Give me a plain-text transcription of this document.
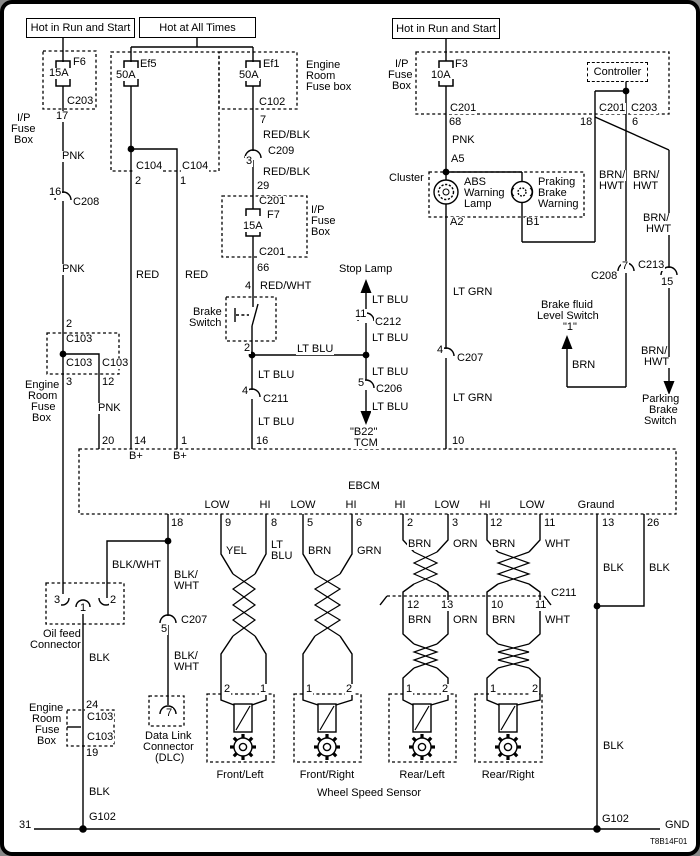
Hot in Run and Start	Hot at All Times	Hot in Run and Start
Controller
F6
15A
C203
17
I/P
Fuse
Box
PNK
16
C208
PNK
2
C103
C103 C103
3	12
Engine
Room
Fuse
Box
PNK
Ef5
50A
C104 C104
2	1
RED RED
Ef1
50A
Engine
Room
Fuse box
C102
7
RED/BLK
C209
3
RED/BLK
29
C201
F7
15A
I/P
Fuse
Box
C201
66
4 RED/WHT
Brake
Switch
2	LT BLU
Stop Lamp
LT BLU
11
C212
LT BLU
LT BLU
5 C206
LT BLU
"B22"
TCM
LT BLU
4
C211
LT BLU
16
I/P
Fuse
Box
F3
10A
C201
68
PNK
A5
Cluster	ABS
Warning
Lamp
Praking
Brake
Warning
A2	B1
C201 C203
18	6
BRN/
HWT
BRN/
HWT
BRN/
HWT
LT GRN
4
C207
LT GRN
10
C208
7 C213
15
Brake fluid
Level Switch
"1"
BRN
BRN/
HWT
Parking
Brake
Switch
20 14	1
B+	B+
EBCM
LOW	HI LOW	HI	HI	LOW HI	LOW	Graund
18	9	8	5	6	2	3	12	11	13	26
YEL LT
BLU BRN GRN
BRN ORN BRN	WHT
12 13	10	11
C211
BRN ORN BRN	WHT
2	1	1	2	1	2	1	2
Front/Left	Front/Right	Rear/Left	Rear/Right
Wheel Speed Sensor
BLK/WHT
BLK/
WHT
5
C207
BLK/
WHT
3
1
2
Oil feed
Connector
BLK
24
C103
C103
19
Engine
Room
Fuse
Box
BLK
G102
31
7
Data Link
Connector
(DLC)
BLK BLK
BLK
G102	GND
T8B14F01
